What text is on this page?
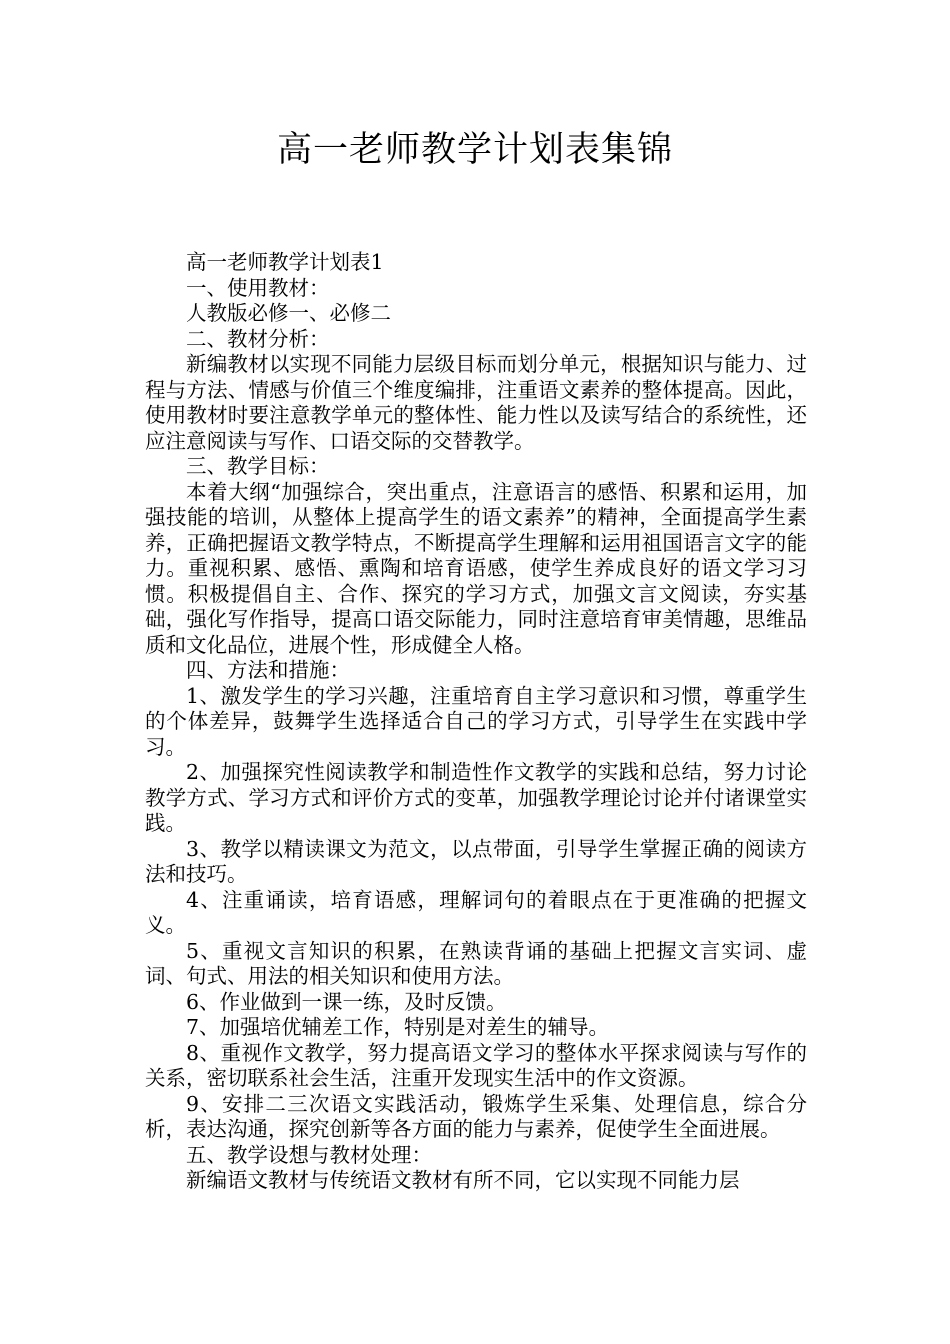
高一老师教学计划表集锦

高一老师教学计划表1

一、使用教材：

人教版必修一、必修二

二、教材分析：

新编教材以实现不同能力层级目标而划分单元，根据知识与能力、过程与方法、情感与价值三个维度编排，注重语文素养的整体提高。因此，使用教材时要注意教学单元的整体性、能力性以及读写结合的系统性，还应注意阅读与写作、口语交际的交替教学。

三、教学目标：

本着大纲“加强综合，突出重点，注意语言的感悟、积累和运用，加强技能的培训，从整体上提高学生的语文素养”的精神，全面提高学生素养，正确把握语文教学特点，不断提高学生理解和运用祖国语言文字的能力。重视积累、感悟、熏陶和培育语感，使学生养成良好的语文学习习惯。积极提倡自主、合作、探究的学习方式，加强文言文阅读，夯实基础，强化写作指导，提高口语交际能力，同时注意培育审美情趣，思维品质和文化品位，进展个性，形成健全人格。

四、方法和措施：

1、激发学生的学习兴趣，注重培育自主学习意识和习惯，尊重学生的个体差异，鼓舞学生选择适合自己的学习方式，引导学生在实践中学习。

2、加强探究性阅读教学和制造性作文教学的实践和总结，努力讨论教学方式、学习方式和评价方式的变革，加强教学理论讨论并付诸课堂实践。

3、教学以精读课文为范文，以点带面，引导学生掌握正确的阅读方法和技巧。

4、注重诵读，培育语感，理解词句的着眼点在于更准确的把握文义。

5、重视文言知识的积累，在熟读背诵的基础上把握文言实词、虚词、句式、用法的相关知识和使用方法。

6、作业做到一课一练，及时反馈。

7、加强培优辅差工作，特别是对差生的辅导。

8、重视作文教学，努力提高语文学习的整体水平探求阅读与写作的关系，密切联系社会生活，注重开发现实生活中的作文资源。

9、安排二三次语文实践活动，锻炼学生采集、处理信息，综合分析，表达沟通，探究创新等各方面的能力与素养，促使学生全面进展。

五、教学设想与教材处理：

新编语文教材与传统语文教材有所不同，它以实现不同能力层
